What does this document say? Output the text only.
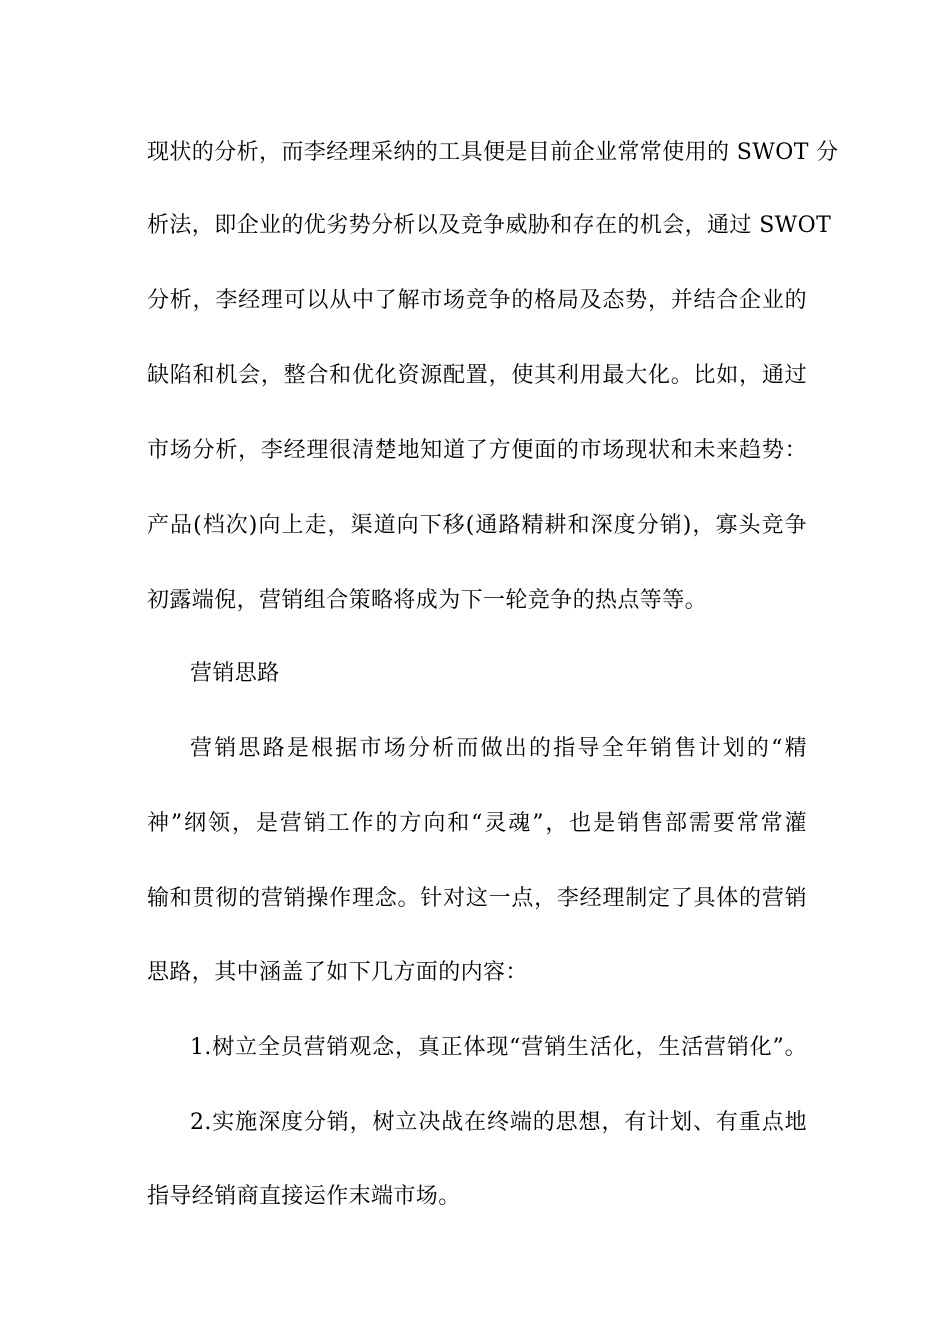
现状的分析，而李经理采纳的工具便是目前企业常常使用的 SWOT 分
析法，即企业的优劣势分析以及竞争威胁和存在的机会，通过 SWOT
分析，李经理可以从中了解市场竞争的格局及态势，并结合企业的
缺陷和机会，整合和优化资源配置，使其利用最大化。比如，通过
市场分析，李经理很清楚地知道了方便面的市场现状和未来趋势：
产品(档次)向上走，渠道向下移(通路精耕和深度分销)，寡头竞争
初露端倪，营销组合策略将成为下一轮竞争的热点等等。
营销思路
营销思路是根据市场分析而做出的指导全年销售计划的“精
神”纲领，是营销工作的方向和“灵魂”，也是销售部需要常常灌
输和贯彻的营销操作理念。针对这一点，李经理制定了具体的营销
思路，其中涵盖了如下几方面的内容：
1.树立全员营销观念，真正体现“营销生活化，生活营销化”。
2.实施深度分销，树立决战在终端的思想，有计划、有重点地
指导经销商直接运作末端市场。
